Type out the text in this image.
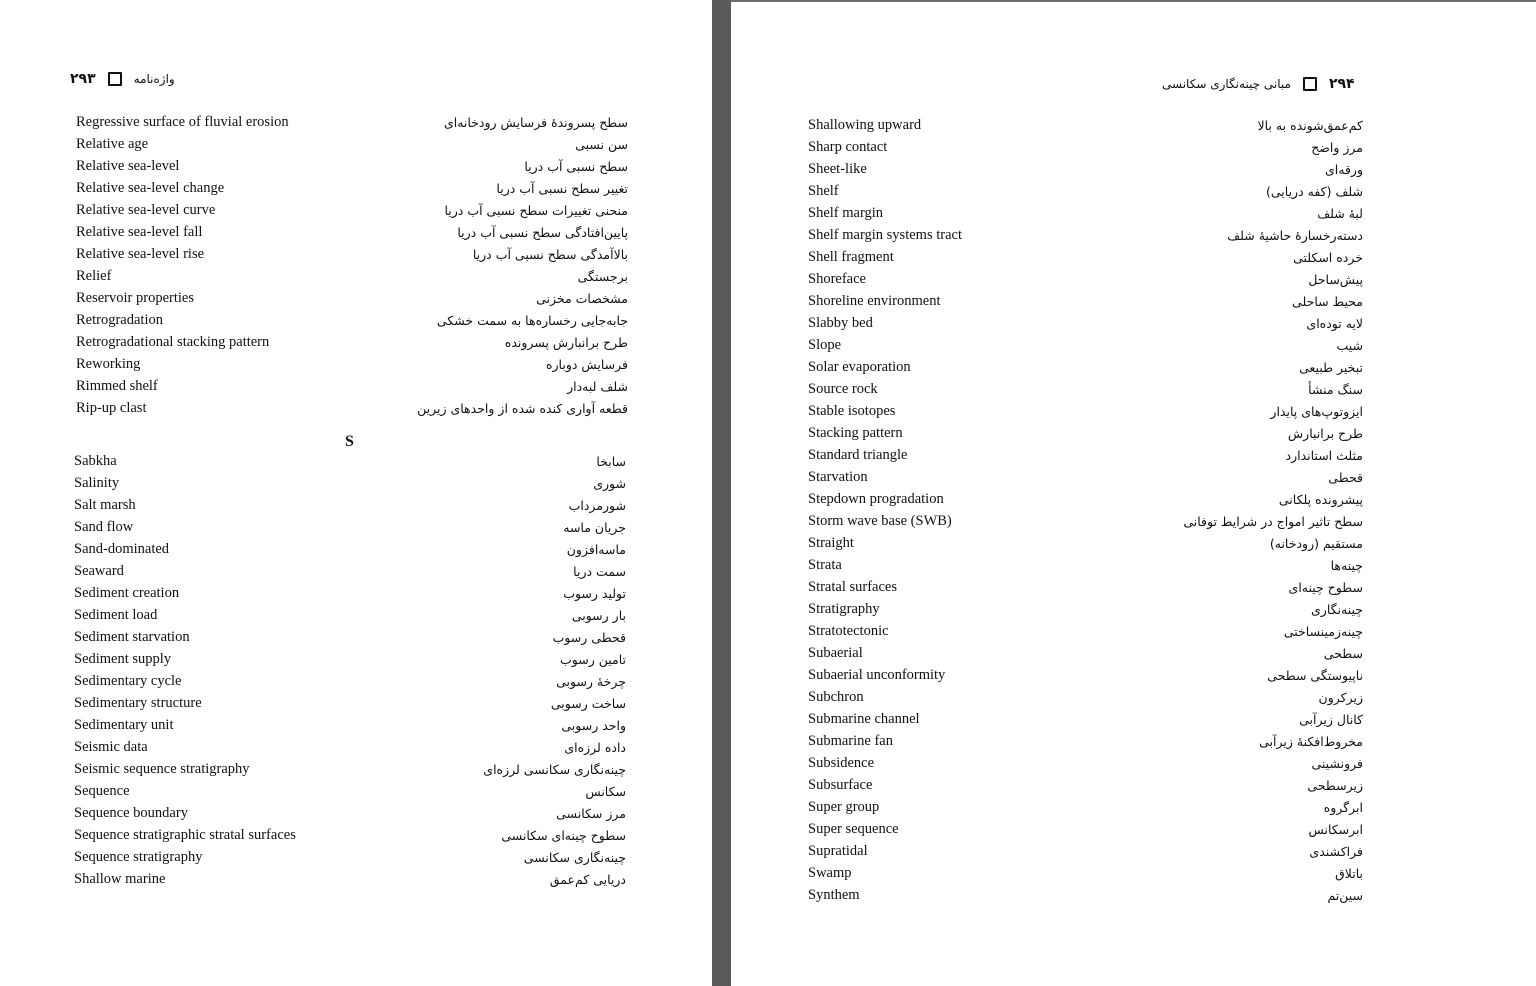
۲۹۳	واژه‌نامه
Regressive surface of fluvial erosion	سطح پسروندهٔ فرسایش رودخانه‌ای
Relative age	سن نسبی
Relative sea-level	سطح نسبی آب دریا
Relative sea-level change	تغییر سطح نسبی آب دریا
Relative sea-level curve	منحنی تغییرات سطح نسبی آب دریا
Relative sea-level fall	پایین‌افتادگی سطح نسبی آب دریا
Relative sea-level rise	بالاآمدگی سطح نسبی آب دریا
Relief	برجستگی
Reservoir properties	مشخصات مخزنی
Retrogradation	جابه‌جایی رخساره‌ها به سمت خشکی
Retrogradational stacking pattern	طرح برانبارش پسرونده
Reworking	فرسایش دوباره
Rimmed shelf	شلف لبه‌دار
Rip-up clast	قطعه آواری کنده شده از واحدهای زیرین
S
Sabkha	سابخا
Salinity	شوری
Salt marsh	شورمرداب
Sand flow	جریان ماسه
Sand-dominated	ماسه‌افزون
Seaward	سمت دریا
Sediment creation	تولید رسوب
Sediment load	بار رسوبی
Sediment starvation	قحطی رسوب
Sediment supply	تامین رسوب
Sedimentary cycle	چرخهٔ رسوبی
Sedimentary structure	ساخت رسوبی
Sedimentary unit	واحد رسوبی
Seismic data	داده لرزه‌ای
Seismic sequence stratigraphy	چینه‌نگاری سکانسی لرزه‌ای
Sequence	سکانس
Sequence boundary	مرز سکانسی
Sequence stratigraphic stratal surfaces	سطوح چینه‌ای سکانسی
Sequence stratigraphy	چینه‌نگاری سکانسی
Shallow marine	دریایی کم‌عمق
مبانی چینه‌نگاری سکانسی	۲۹۴
Shallowing upward	کم‌عمق‌شونده به بالا
Sharp contact	مرز واضح
Sheet-like	ورقه‌ای
Shelf	شلف (کفه دریایی)
Shelf margin	لبهٔ شلف
Shelf margin systems tract	دسته‌رخسارهٔ حاشیهٔ شلف
Shell fragment	خرده اسکلتی
Shoreface	پیش‌ساحل
Shoreline environment	محیط ساحلی
Slabby bed	لایه توده‌ای
Slope	شیب
Solar evaporation	تبخیر طبیعی
Source rock	سنگ منشأ
Stable isotopes	ایزوتوپ‌های پایدار
Stacking pattern	طرح برانبارش
Standard triangle	مثلث استاندارد
Starvation	قحطی
Stepdown progradation	پیشرونده پلکانی
Storm wave base (SWB)	سطح تاثیر امواج در شرایط توفانی
Straight	مستقیم (رودخانه)
Strata	چینه‌ها
Stratal surfaces	سطوح چینه‌ای
Stratigraphy	چینه‌نگاری
Stratotectonic	چینه‌زمینساختی
Subaerial	سطحی
Subaerial unconformity	ناپیوستگی سطحی
Subchron	زیرکرون
Submarine channel	کانال زیرآبی
Submarine fan	مخروط‌افکنهٔ زیرآبی
Subsidence	فرونشینی
Subsurface	زیرسطحی
Super group	ابرگروه
Super sequence	ابرسکانس
Supratidal	فراکشندی
Swamp	باتلاق
Synthem	سین‌تم
